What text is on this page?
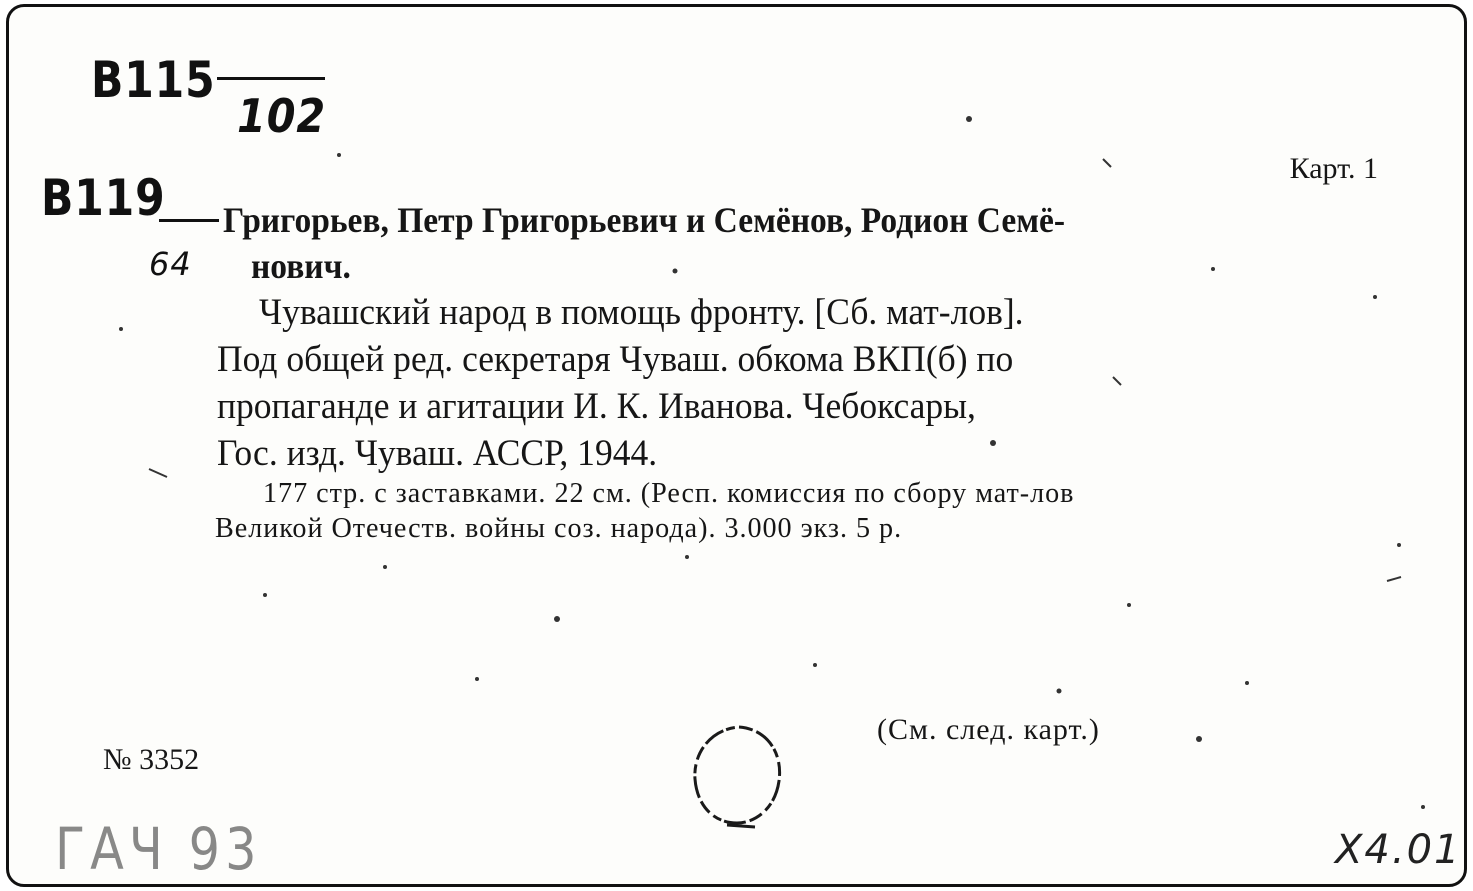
В115
102
В119
64
Карт. 1
Григорьев, Петр Григорьевич и Семёнов, Родион Семё-
нович.
Чувашский народ в помощь фронту. [Сб. мат-лов].
Под общей ред. секретаря Чуваш. обкома ВКП(б) по
пропаганде и агитации И. К. Иванова. Чебоксары,
Гос. изд. Чуваш. АССР, 1944.
177 стр. с заставками. 22 см. (Респ. комиссия по сбору мат-лов
Великой Отечеств. войны соз. народа). 3.000 экз. 5 р.
(См. след. карт.)
№ 3352
ГАЧ 93	Х4.01
